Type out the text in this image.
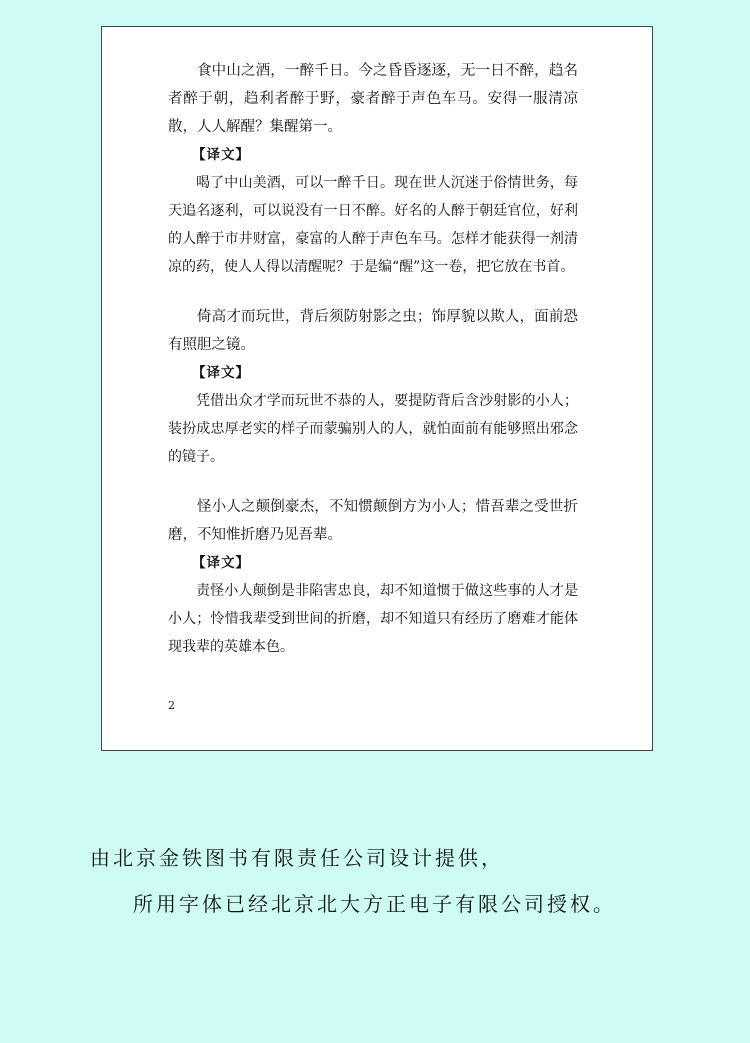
食中山之酒，一醉千日。今之昏昏逐逐，无一日不醉，趋名者醉于朝，趋利者醉于野，豪者醉于声色车马。安得一服清凉散，人人解醒？集醒第一。

【译文】

喝了中山美酒，可以一醉千日。现在世人沉迷于俗情世务，每天追名逐利，可以说没有一日不醉。好名的人醉于朝廷官位，好利的人醉于市井财富，豪富的人醉于声色车马。怎样才能获得一剂清凉的药，使人人得以清醒呢？于是编“醒”这一卷，把它放在书首。

倚高才而玩世，背后须防射影之虫；饰厚貌以欺人，面前恐有照胆之镜。

【译文】

凭借出众才学而玩世不恭的人，要提防背后含沙射影的小人；装扮成忠厚老实的样子而蒙骗别人的人，就怕面前有能够照出邪念的镜子。

怪小人之颠倒豪杰，不知惯颠倒方为小人；惜吾辈之受世折磨，不知惟折磨乃见吾辈。

【译文】

责怪小人颠倒是非陷害忠良，却不知道惯于做这些事的人才是小人；怜惜我辈受到世间的折磨，却不知道只有经历了磨难才能体现我辈的英雄本色。

2
由北京金铁图书有限责任公司设计提供，
所用字体已经北京北大方正电子有限公司授权。
